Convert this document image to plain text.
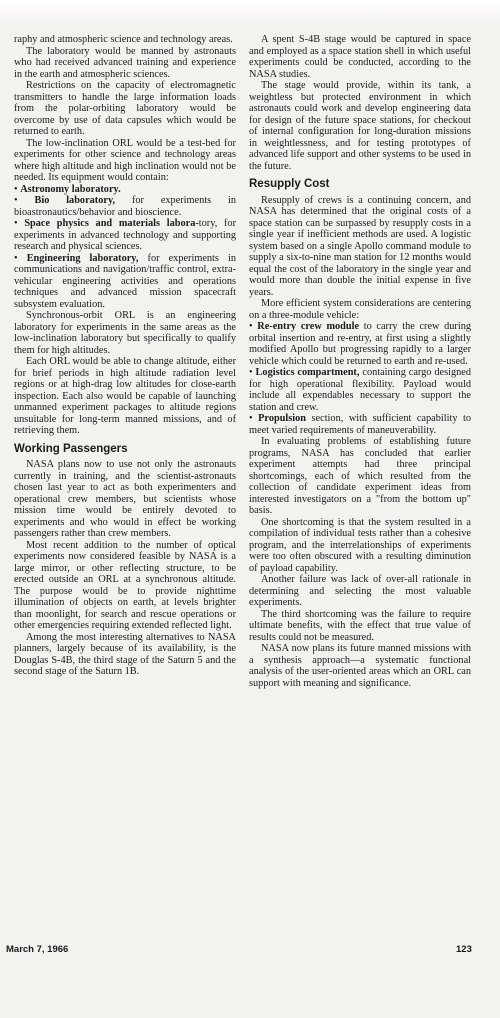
raphy and atmospheric science and technology areas.

The laboratory would be manned by astronauts who had received advanced training and experience in the earth and atmospheric sciences.

Restrictions on the capacity of electromagnetic transmitters to handle the large information loads from the polar-orbiting laboratory would be overcome by use of data capsules which would be returned to earth.

The low-inclination ORL would be a test-bed for experiments for other science and technology areas where high altitude and high inclination would not be needed. Its equipment would contain:

• Astronomy laboratory.

• Bio laboratory, for experiments in bioastronautics/behavior and bioscience.

• Space physics and materials labora-tory, for experiments in advanced technology and supporting research and physical sciences.

• Engineering laboratory, for experiments in communications and navigation/traffic control, extra-vehicular engineering activities and operations techniques and advanced mission spacecraft subsystem evaluation.

Synchronous-orbit ORL is an engineering laboratory for experiments in the same areas as the low-inclination laboratory but specifically to qualify them for high altitudes.

Each ORL would be able to change altitude, either for brief periods in high altitude radiation level regions or at high-drag low altitudes for close-earth inspection. Each also would be capable of launching unmanned experiment packages to altitude regions unsuitable for long-term manned missions, and of retrieving them.

Working Passengers

NASA plans now to use not only the astronauts currently in training, and the scientist-astronauts chosen last year to act as both experimenters and operational crew members, but scientists whose mission time would be entirely devoted to experiments and who would in effect be working passengers rather than crew members.

Most recent addition to the number of optical experiments now considered feasible by NASA is a large mirror, or other reflecting structure, to be erected outside an ORL at a synchronous altitude. The purpose would be to provide nighttime illumination of objects on earth, at levels brighter than moonlight, for search and rescue operations or other emergencies requiring extended reflected light.

Among the most interesting alternatives to NASA planners, largely because of its availability, is the Douglas S-4B, the third stage of the Saturn 5 and the second stage of the Saturn 1B.

A spent S-4B stage would be captured in space and employed as a space station shell in which useful experiments could be conducted, according to the NASA studies.

The stage would provide, within its tank, a weightless but protected environment in which astronauts could work and develop engineering data for design of the future space stations, for checkout of internal configuration for long-duration missions in weightlessness, and for testing prototypes of advanced life support and other systems to be used in the future.

Resupply Cost

Resupply of crews is a continuing concern, and NASA has determined that the original costs of a space station can be surpassed by resupply costs in a single year if inefficient methods are used. A logistic system based on a single Apollo command module to supply a six-to-nine man station for 12 months would equal the cost of the laboratory in the single year and would more than double the initial expense in five years.

More efficient system considerations are centering on a three-module vehicle:

• Re-entry crew module to carry the crew during orbital insertion and re-entry, at first using a slightly modified Apollo but progressing rapidly to a larger vehicle which could be returned to earth and re-used.

• Logistics compartment, containing cargo designed for high operational flexibility. Payload would include all expendables necessary to support the station and crew.

• Propulsion section, with sufficient capability to meet varied requirements of maneuverability.

In evaluating problems of establishing future programs, NASA has concluded that earlier experiment attempts had three principal shortcomings, each of which resulted from the collection of candidate experiment ideas from interested investigators on a "from the bottom up" basis.

One shortcoming is that the system resulted in a compilation of individual tests rather than a cohesive program, and the interrelationships of experiments were too often obscured with a resulting diminution of payload capability.

Another failure was lack of over-all rationale in determining and selecting the most valuable experiments.

The third shortcoming was the failure to require ultimate benefits, with the effect that true value of results could not be measured.

NASA now plans its future manned missions with a synthesis approach—a systematic functional analysis of the user-oriented areas which an ORL can support with meaning and significance.

March 7, 1966	123
